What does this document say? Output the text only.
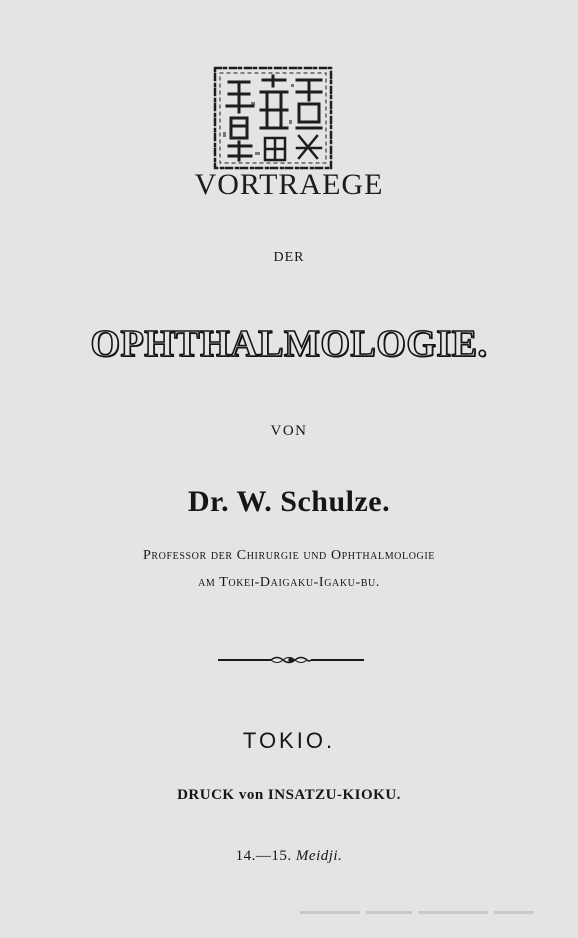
VORTRAEGE
DER
OPHTHALMOLOGIE.
VON
Dr. W. Schulze.
Professor der Chirurgie und Ophthalmologie
am Tokei-Daigaku-Igaku-bu.
TOKIO.
DRUCK von INSATZU-KIOKU.
14.—15. Meidji.
